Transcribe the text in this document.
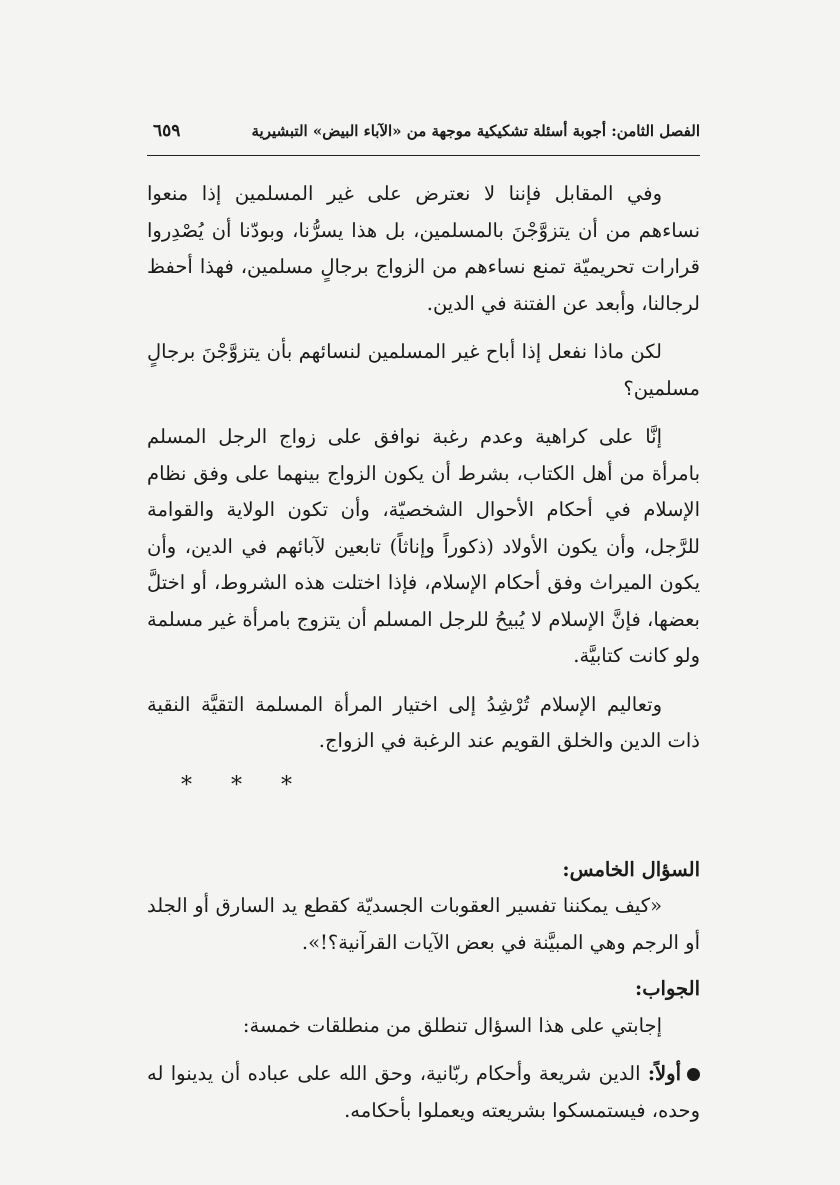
الفصل الثامن: أجوبة أسئلة تشكيكية موجهة من «الآباء البيض» التبشيرية
٦٥٩

وفي المقابل فإننا لا نعترض على غير المسلمين إذا منعوا نساءهم من أن يتزوَّجْنَ بالمسلمين، بل هذا يسرُّنا، وبودّنا أن يُصْدِروا قرارات تحريميّة تمنع نساءهم من الزواج برجالٍ مسلمين، فهذا أحفظ لرجالنا، وأبعد عن الفتنة في الدين.

لكن ماذا نفعل إذا أباح غير المسلمين لنسائهم بأن يتزوَّجْنَ برجالٍ مسلمين؟

إنَّا على كراهية وعدم رغبة نوافق على زواج الرجل المسلم بامرأة من أهل الكتاب، بشرط أن يكون الزواج بينهما على وفق نظام الإسلام في أحكام الأحوال الشخصيّة، وأن تكون الولاية والقوامة للرَّجل، وأن يكون الأولاد (ذكوراً وإناثاً) تابعين لآبائهم في الدين، وأن يكون الميراث وفق أحكام الإسلام، فإذا اختلت هذه الشروط، أو اختلَّ بعضها، فإنَّ الإسلام لا يُبيحُ للرجل المسلم أن يتزوج بامرأة غير مسلمة ولو كانت كتابيَّة.

وتعاليم الإسلام تُرْشِدُ إلى اختيار المرأة المسلمة التقيَّة النقية ذات الدين والخلق القويم عند الرغبة في الزواج.

* * *

السؤال الخامس:

«كيف يمكننا تفسير العقوبات الجسديّة كقطع يد السارق أو الجلد أو الرجم وهي المبيَّنة في بعض الآيات القرآنية؟!».

الجواب:

إجابتي على هذا السؤال تنطلق من منطلقات خمسة:

أولاً: الدين شريعة وأحكام ربّانية، وحق الله على عباده أن يدينوا له وحده، فيستمسكوا بشريعته ويعملوا بأحكامه.
